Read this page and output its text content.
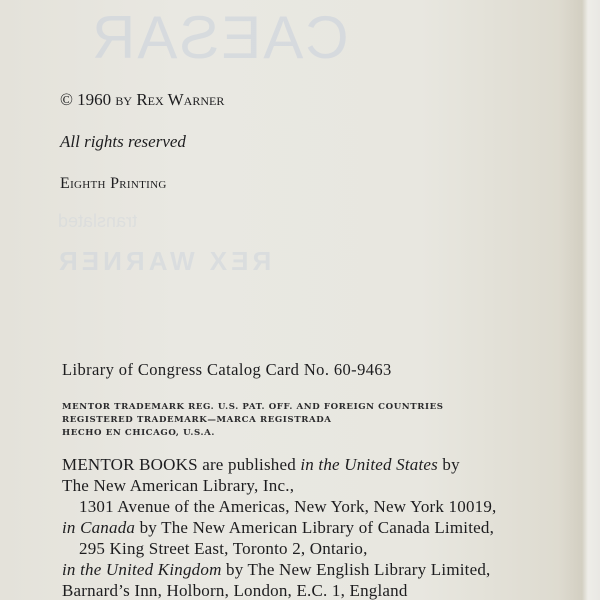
CAESAR
translated
REX WARNER
© 1960 by Rex Warner
All rights reserved
Eighth Printing
Library of Congress Catalog Card No. 60-9463
MENTOR TRADEMARK REG. U.S. PAT. OFF. AND FOREIGN COUNTRIES
REGISTERED TRADEMARK—MARCA REGISTRADA
HECHO EN CHICAGO, U.S.A.
MENTOR BOOKS are published in the United States by
The New American Library, Inc.,
1301 Avenue of the Americas, New York, New York 10019,
in Canada by The New American Library of Canada Limited,
295 King Street East, Toronto 2, Ontario,
in the United Kingdom by The New English Library Limited,
Barnard’s Inn, Holborn, London, E.C. 1, England
